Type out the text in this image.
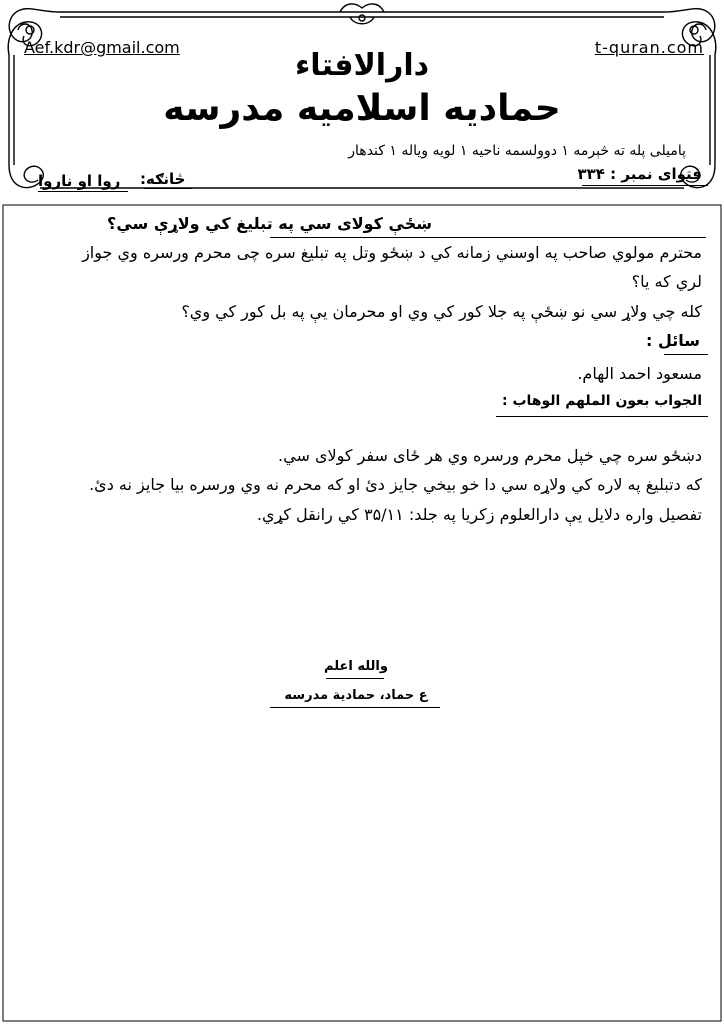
Aef.kdr@gmail.com	t-quran.com
دارالافتاء
حمادیه اسلامیه مدرسه
پامیلی پله ته څېرمه ۱ دوولسمه ناحیه ۱ لویه ویاله ۱ کندهار
فتوای نمبر : ۳۳۴
څانګه:
روا او ناروا
ښځې کولای سي په تبلیغ کي ولاړې سي؟
محترم مولوي صاحب په اوسني زمانه کي د ښځو وتل په تبلیغ سره چی محرم ورسره وي جواز
لري که یا؟
کله چي ولاړ سي نو ښځې په جلا کور کي وي او محرمان یې په بل کور کي وي؟
سائل :
مسعود احمد الهام.
الجواب بعون الملهم الوهاب :
دښځو سره چي خپل محرم ورسره وي هر ځای سفر کولای سي.
که دتبلیغ په لاره کي ولاړه سي دا خو بیخي جایز دئ او که محرم نه وي ورسره بیا جایز نه دئ.
تفصیل واره دلایل یې دارالعلوم زکریا په جلد: ۳۵/۱۱ کي رانقل کړي.
والله اعلم
ع حماد، حمادیة مدرسه
